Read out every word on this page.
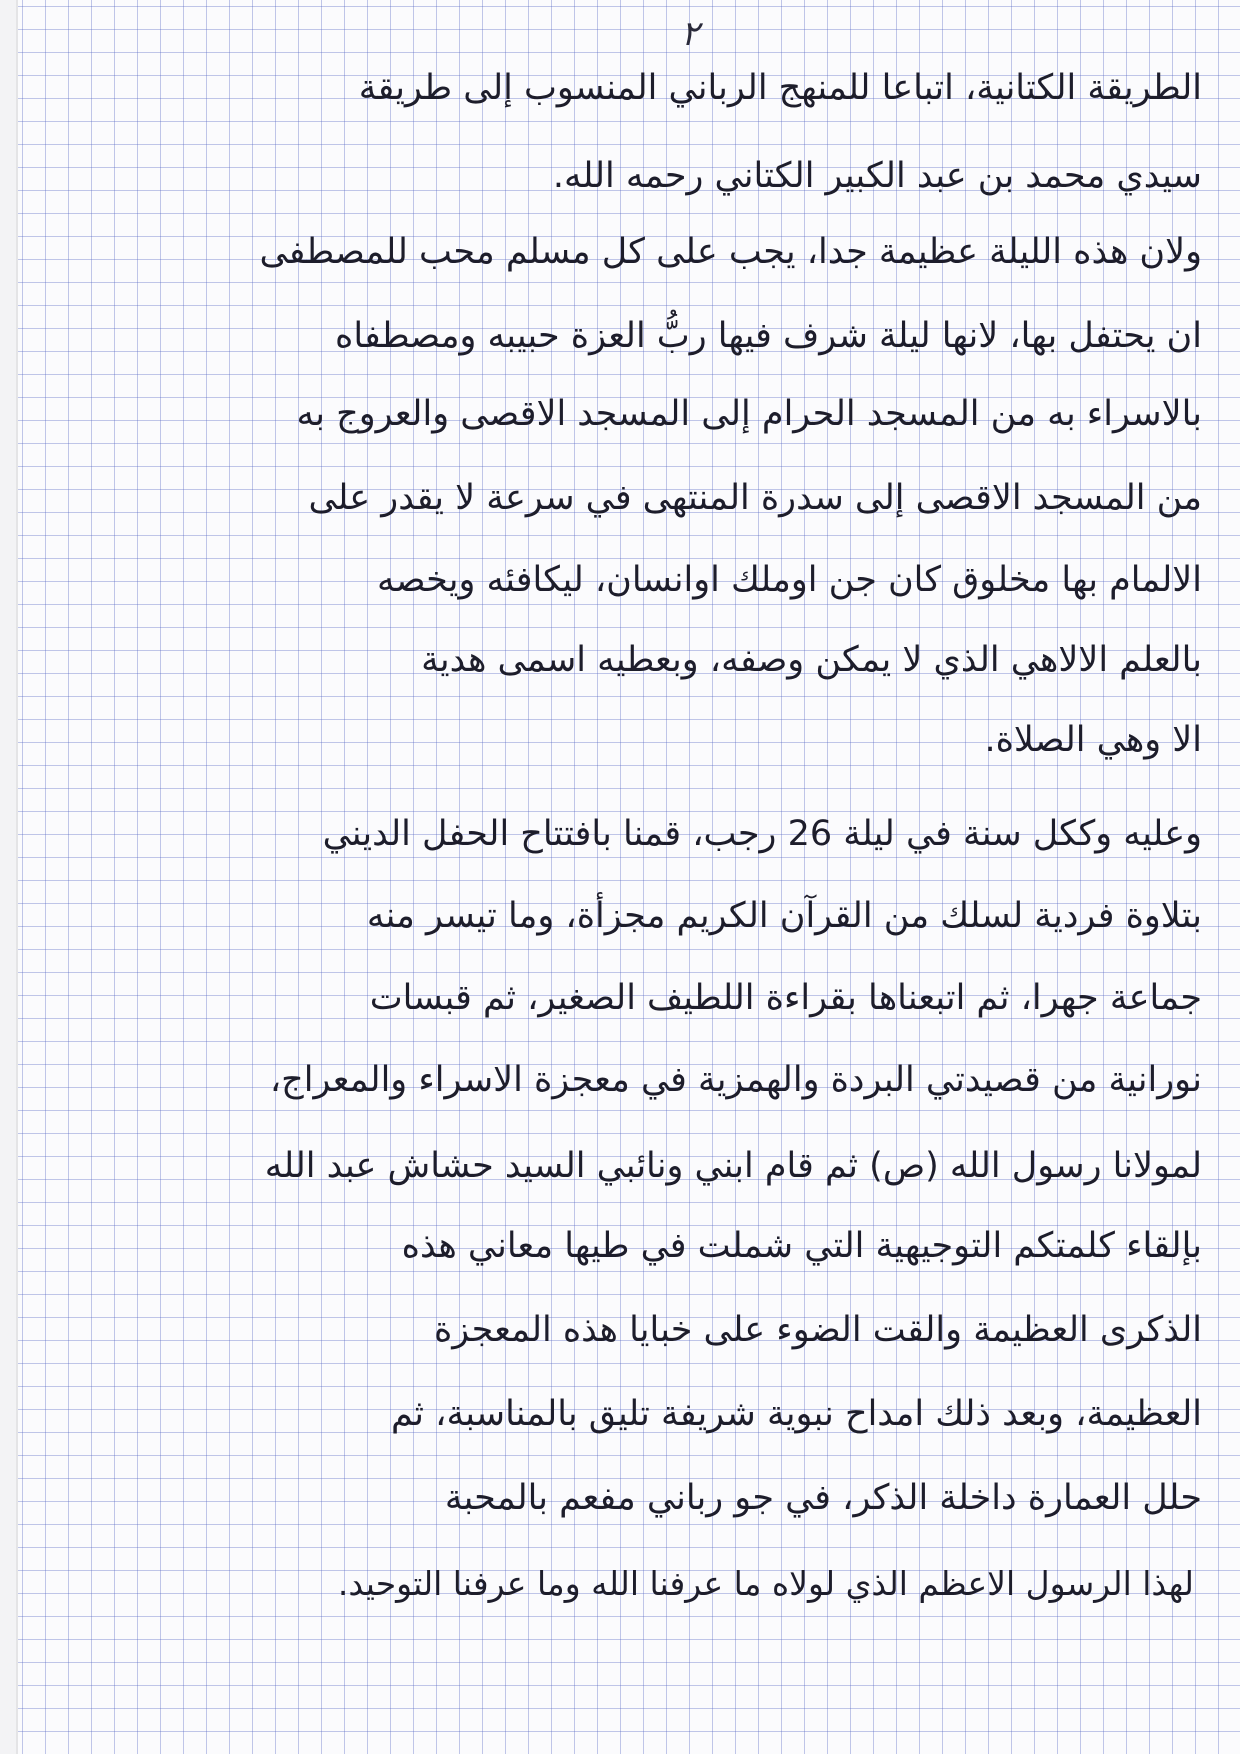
٢
الطريقة الكتانية، اتباعا للمنهج الرباني المنسوب إلى طريقة
سيدي محمد بن عبد الكبير الكتاني رحمه الله.
ولان هذه الليلة عظيمة جدا، يجب على كل مسلم محب للمصطفى
ان يحتفل بها، لانها ليلة شرف فيها ربُّ العزة حبيبه ومصطفاه
بالاسراء به من المسجد الحرام إلى المسجد الاقصى والعروج به
من المسجد الاقصى إلى سدرة المنتهى في سرعة لا يقدر على
الالمام بها مخلوق كان جن اوملك اوانسان، ليكافئه ويخصه
بالعلم الالاهي الذي لا يمكن وصفه، وبعطيه اسمى هدية
الا وهي الصلاة.
وعليه وككل سنة في ليلة 26 رجب، قمنا بافتتاح الحفل الديني
بتلاوة فردية لسلك من القرآن الكريم مجزأة، وما تيسر منه
جماعة جهرا، ثم اتبعناها بقراءة اللطيف الصغير، ثم قبسات
نورانية من قصيدتي البردة والهمزية في معجزة الاسراء والمعراج،
لمولانا رسول الله (ص) ثم قام ابني ونائبي السيد حشاش عبد الله
بإلقاء كلمتكم التوجيهية التي شملت في طيها معاني هذه
الذكرى العظيمة والقت الضوء على خبايا هذه المعجزة
العظيمة، وبعد ذلك امداح نبوية شريفة تليق بالمناسبة، ثم
حلل العمارة داخلة الذكر، في جو رباني مفعم بالمحبة
لهذا الرسول الاعظم الذي لولاه ما عرفنا الله وما عرفنا التوحيد.
